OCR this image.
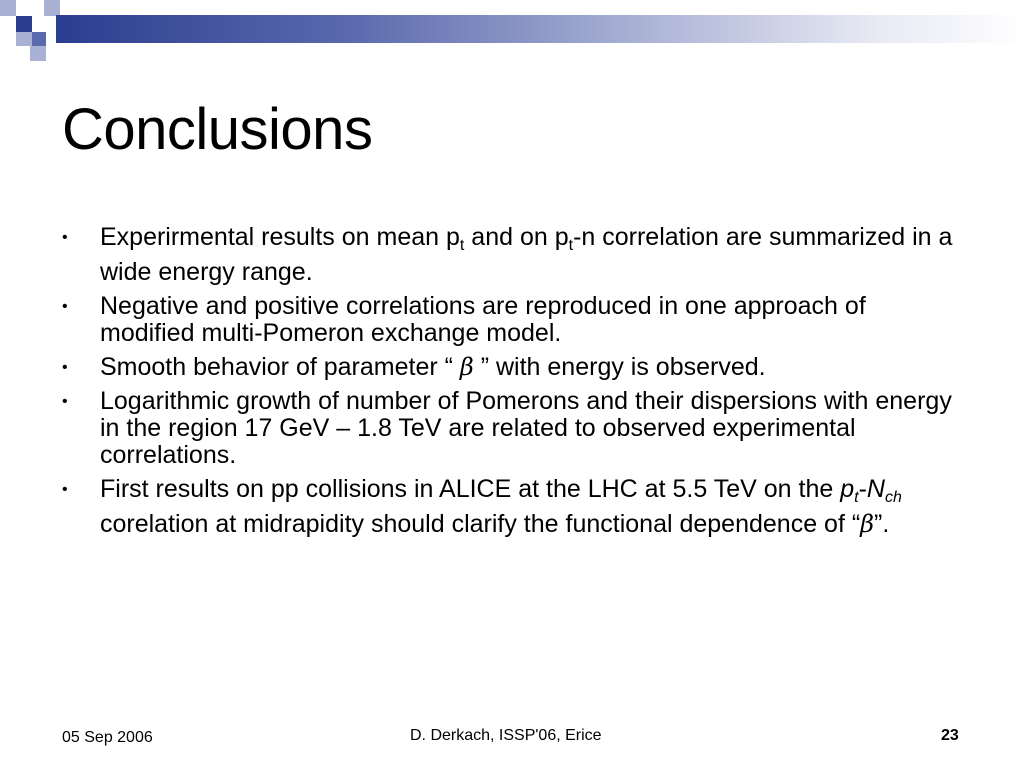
Conclusions
• Experirmental results on mean $p_t$ and on $p_t-n$ correlation are summarized in a wide energy range.
• Negative and positive correlations are reproduced in one approach of modified multi-Pomeron exchange model.
• Smooth behavior of parameter “ β ” with energy is observed.
• Logarithmic growth of number of Pomerons and their dispersions with energy in the region 17 GeV – 1.8 TeV are related to observed experimental correlations.
• First results on pp collisions in ALICE at the LHC at 5.5 TeV on the $p_t-N_{ch}$ corelation at midrapidity should clarify the functional dependence of “β”.
05 Sep 2006	D. Derkach, ISSP'06, Erice	23
